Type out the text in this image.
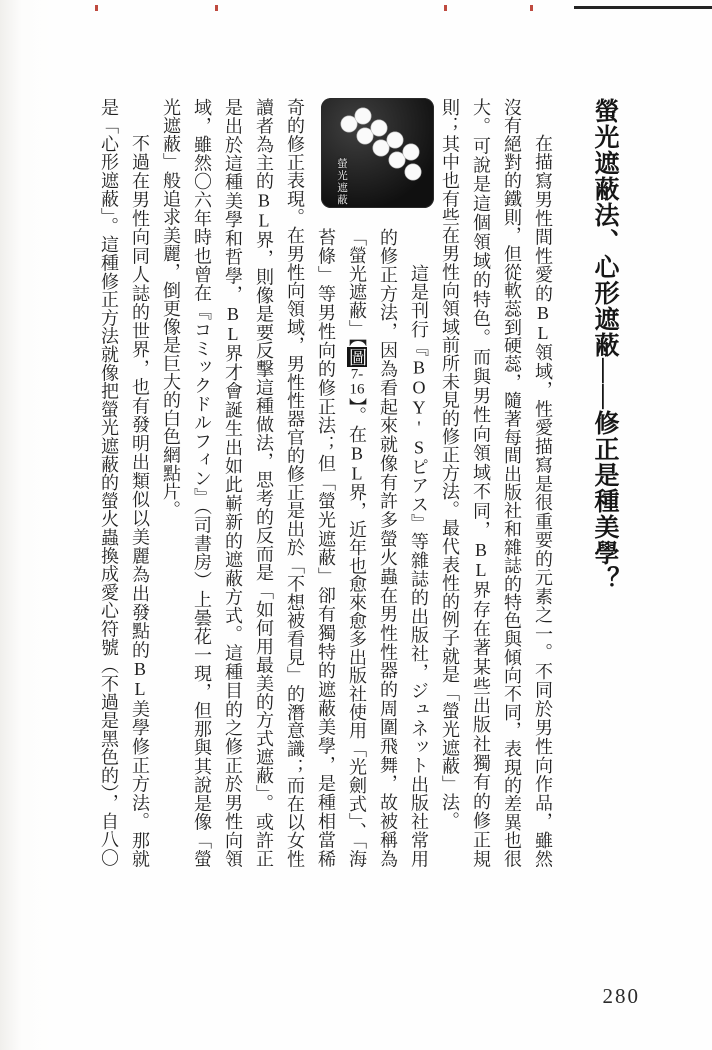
螢光遮蔽法、心形遮蔽——修正是種美學？

在描寫男性間性愛的BL領域，性愛描寫是很重要的元素之一。不同於男性向作品，雖然沒有絕對的鐵則，但從軟蕊到硬蕊，隨著每間出版社和雜誌的特色與傾向不同，表現的差異也很大。可說是這個領域的特色。而與男性向領域不同，BL界存在著某些出版社獨有的修正規則；其中也有些在男性向領域前所未見的修正方法。最代表性的例子就是「螢光遮蔽」法。

螢光遮蔽

這是刊行『BOY'Sピアス』等雜誌的出版社，ジュネット出版社常用的修正方法，因為看起來就像有許多螢火蟲在男性性器的周圍飛舞，故被稱為「螢光遮蔽」【圖7-16】。在BL界，近年也愈來愈多出版社使用「光劍式」、「海苔條」等男性向的修正法；但「螢光遮蔽」卻有獨特的遮蔽美學，是種相當稀奇的修正表現。在男性向領域，男性性器官的修正是出於「不想被看見」的潛意識；而在以女性讀者為主的BL界，則像是要反擊這種做法，思考的反而是「如何用最美的方式遮蔽」。或許正是出於這種美學和哲學，BL界才會誕生出如此嶄新的遮蔽方式。這種目的之修正於男性向領域，雖然〇六年時也曾在『コミックドルフィン』（司書房）上曇花一現，但那與其說是像「螢光遮蔽」般追求美麗，倒更像是巨大的白色網點片。

不過在男性向同人誌的世界，也有發明出類似以美麗為出發點的BL美學修正方法。那就是「心形遮蔽」。這種修正方法就像把螢光遮蔽的螢火蟲換成愛心符號（不過是黑色的），自八〇

280
